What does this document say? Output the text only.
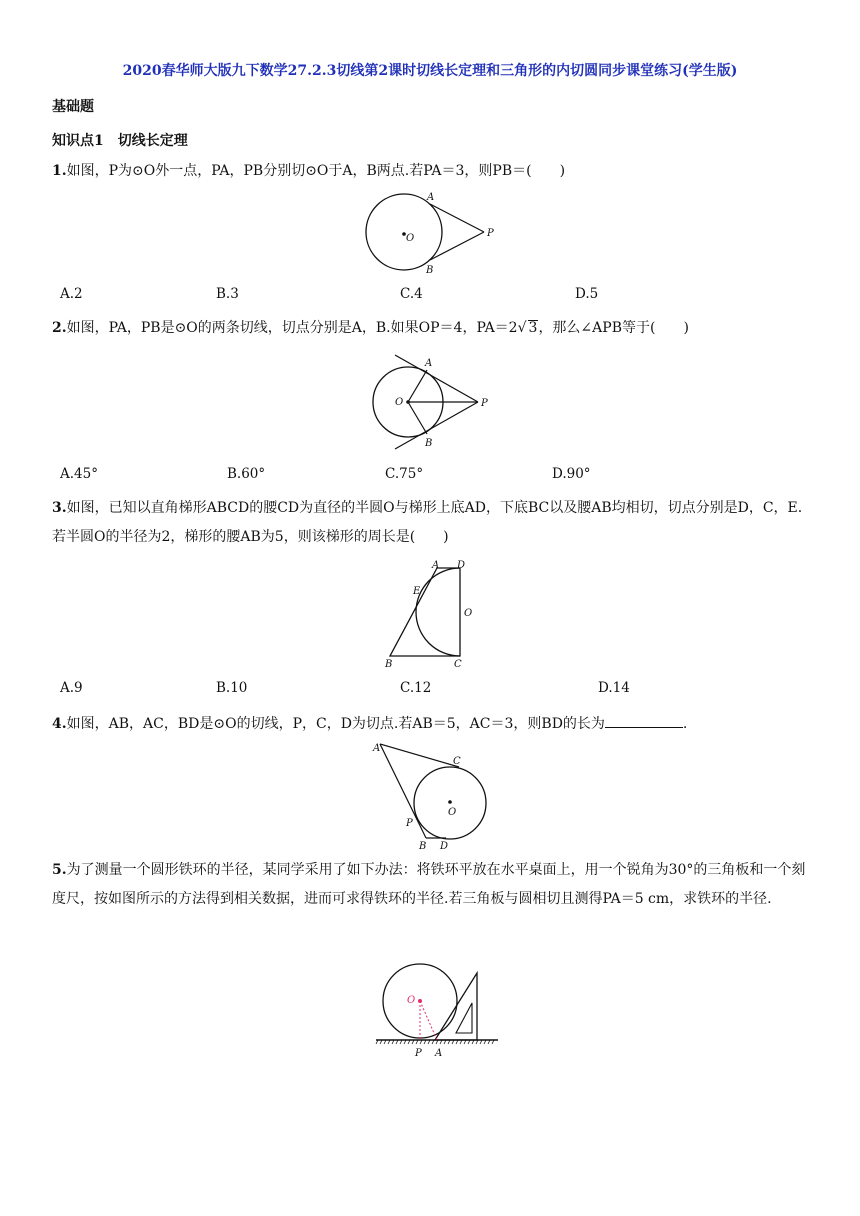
2020春华师大版九下数学27.2.3切线第2课时切线长定理和三角形的内切圆同步课堂练习(学生版)
基础题
知识点1　切线长定理
1.如图，P为⊙O外一点，PA，PB分别切⊙O于A，B两点.若PA＝3，则PB＝(　　)
A
O	P
B
A.2	B.3	C.4	D.5
2.如图，PA，PB是⊙O的两条切线，切点分别是A，B.如果OP＝4，PA＝2√ 3，那么∠APB等于(　　)
A
O	P
B
A.45°	B.60°	C.75°	D.90°
3.如图，已知以直角梯形ABCD的腰CD为直径的半圆O与梯形上底AD，下底BC以及腰AB均相切，切点分别是D，C，E.若半圆O的半径为2，梯形的腰AB为5，则该梯形的周长是(　　)
A D
E
O
B	C
A.9	B.10	C.12	D.14
4.如图，AB，AC，BD是⊙O的切线，P，C，D为切点.若AB＝5，AC＝3，则BD的长为	.
A
C
O
P
B D
5.为了测量一个圆形铁环的半径，某同学采用了如下办法：将铁环平放在水平桌面上，用一个锐角为30°的三角板和一个刻度尺，按如图所示的方法得到相关数据，进而可求得铁环的半径.若三角板与圆相切且测得PA＝5 cm，求铁环的半径.
O
P A
